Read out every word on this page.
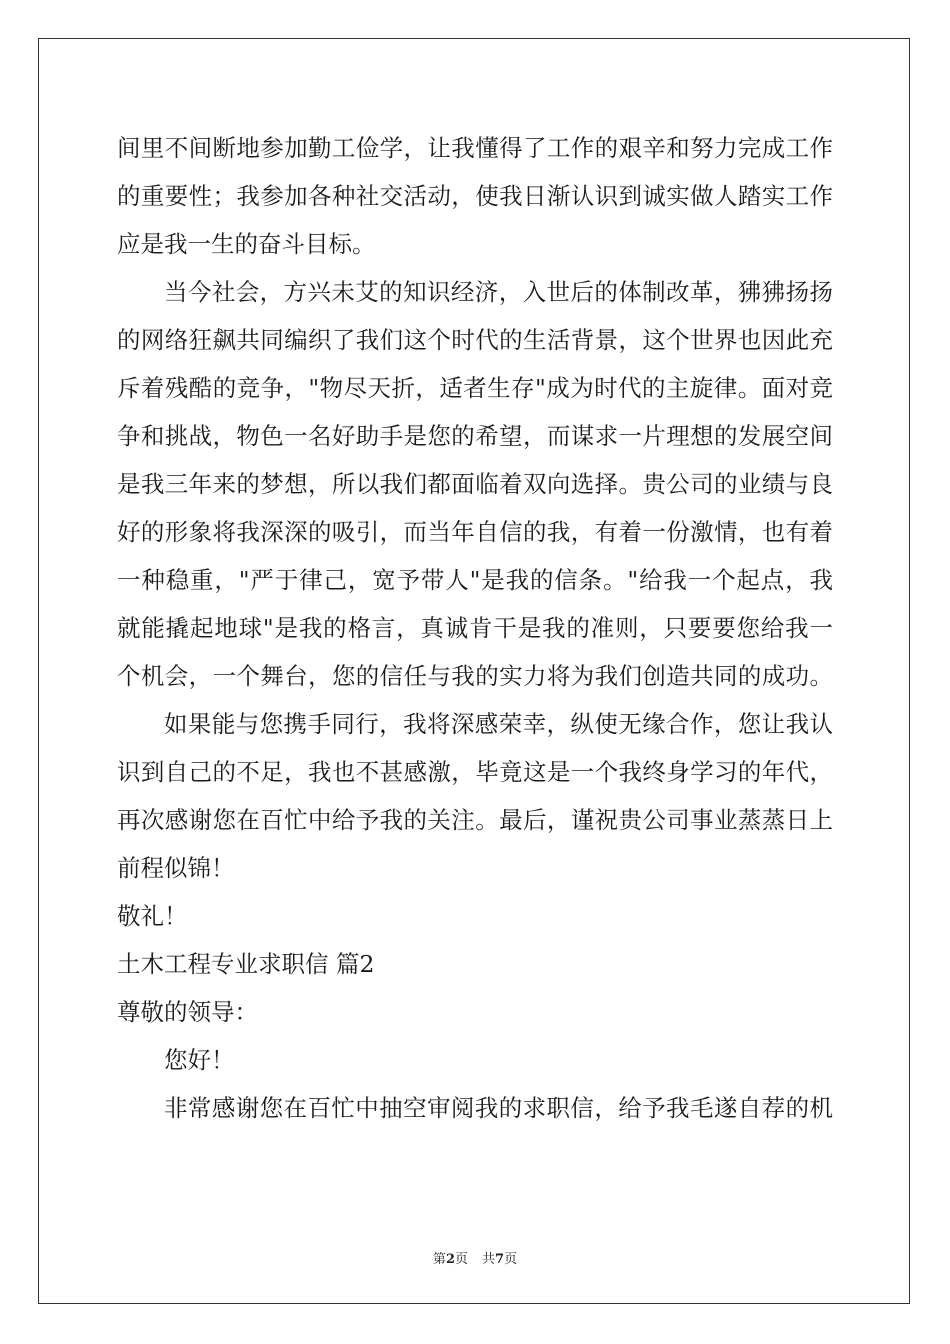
间里不间断地参加勤工俭学，让我懂得了工作的艰辛和努力完成工作
的重要性；我参加各种社交活动，使我日渐认识到诚实做人踏实工作
应是我一生的奋斗目标。
当今社会，方兴未艾的知识经济，入世后的体制改革，狒狒扬扬
的网络狂飙共同编织了我们这个时代的生活背景，这个世界也因此充
斥着残酷的竞争，"物尽天折，适者生存"成为时代的主旋律。面对竞
争和挑战，物色一名好助手是您的希望，而谋求一片理想的发展空间
是我三年来的梦想，所以我们都面临着双向选择。贵公司的业绩与良
好的形象将我深深的吸引，而当年自信的我，有着一份激情，也有着
一种稳重，"严于律己，宽予带人"是我的信条。"给我一个起点，我
就能撬起地球"是我的格言，真诚肯干是我的准则，只要要您给我一
个机会，一个舞台，您的信任与我的实力将为我们创造共同的成功。
如果能与您携手同行，我将深感荣幸，纵使无缘合作，您让我认
识到自己的不足，我也不甚感激，毕竟这是一个我终身学习的年代，
再次感谢您在百忙中给予我的关注。最后，谨祝贵公司事业蒸蒸日上
前程似锦！
敬礼！
土木工程专业求职信 篇2
尊敬的领导：
您好！
非常感谢您在百忙中抽空审阅我的求职信，给予我毛遂自荐的机
第2页 共7页
